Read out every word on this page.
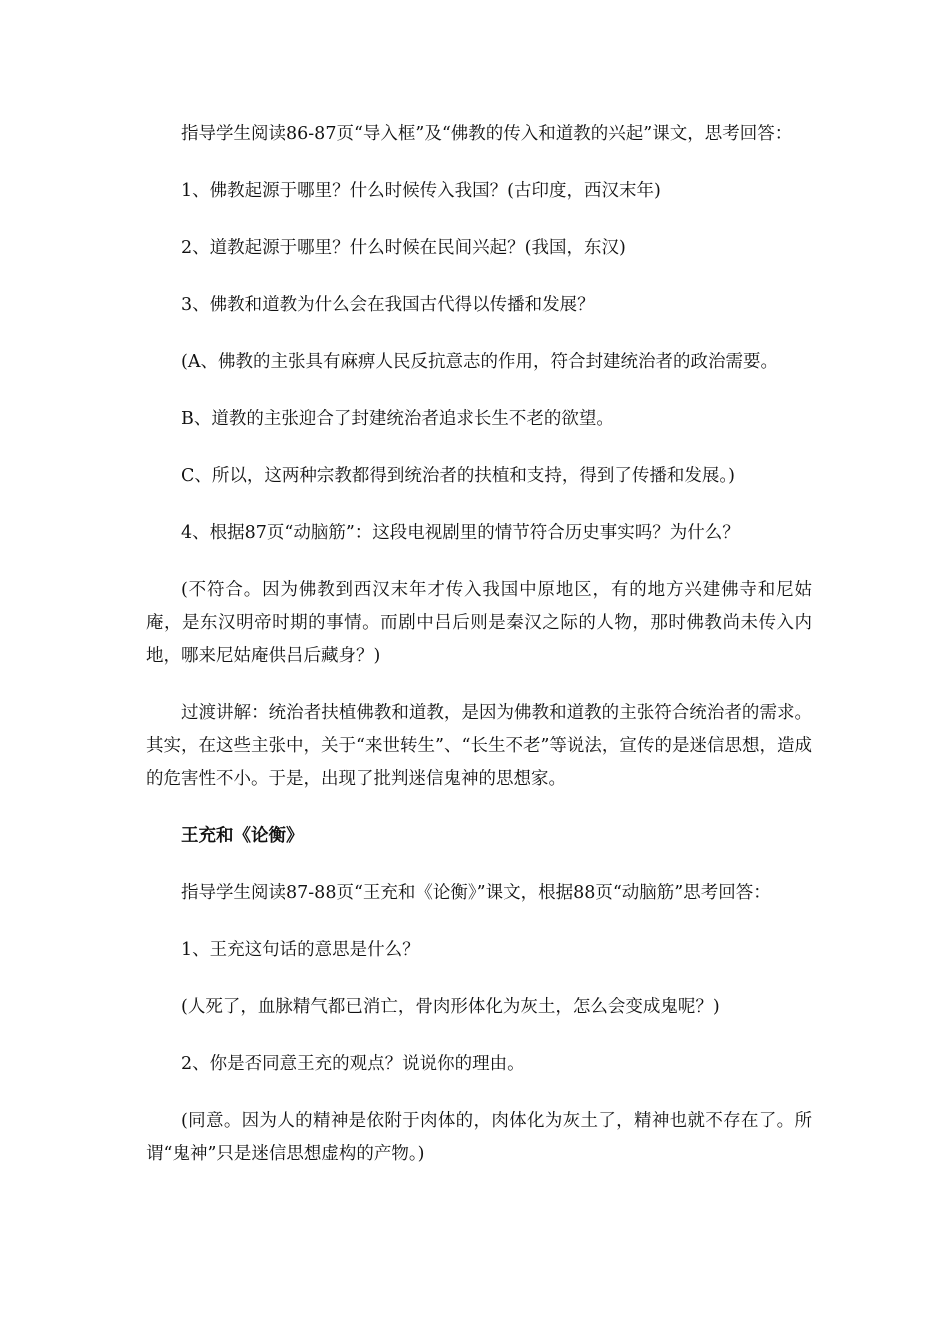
指导学生阅读86-87页“导入框”及“佛教的传入和道教的兴起”课文，思考回答：

1、佛教起源于哪里？什么时候传入我国？(古印度，西汉末年)

2、道教起源于哪里？什么时候在民间兴起？(我国，东汉)

3、佛教和道教为什么会在我国古代得以传播和发展？

(A、佛教的主张具有麻痹人民反抗意志的作用，符合封建统治者的政治需要。

B、道教的主张迎合了封建统治者追求长生不老的欲望。

C、所以，这两种宗教都得到统治者的扶植和支持，得到了传播和发展。)

4、根据87页“动脑筋”：这段电视剧里的情节符合历史事实吗？为什么？

(不符合。因为佛教到西汉末年才传入我国中原地区，有的地方兴建佛寺和尼姑庵，是东汉明帝时期的事情。而剧中吕后则是秦汉之际的人物，那时佛教尚未传入内地，哪来尼姑庵供吕后藏身？)

过渡讲解：统治者扶植佛教和道教，是因为佛教和道教的主张符合统治者的需求。其实，在这些主张中，关于“来世转生”、“长生不老”等说法，宣传的是迷信思想，造成的危害性不小。于是，出现了批判迷信鬼神的思想家。

王充和《论衡》

指导学生阅读87-88页“王充和《论衡》”课文，根据88页“动脑筋”思考回答：

1、王充这句话的意思是什么？

(人死了，血脉精气都已消亡，骨肉形体化为灰土，怎么会变成鬼呢？)

2、你是否同意王充的观点？说说你的理由。

(同意。因为人的精神是依附于肉体的，肉体化为灰土了，精神也就不存在了。所谓“鬼神”只是迷信思想虚构的产物。)
